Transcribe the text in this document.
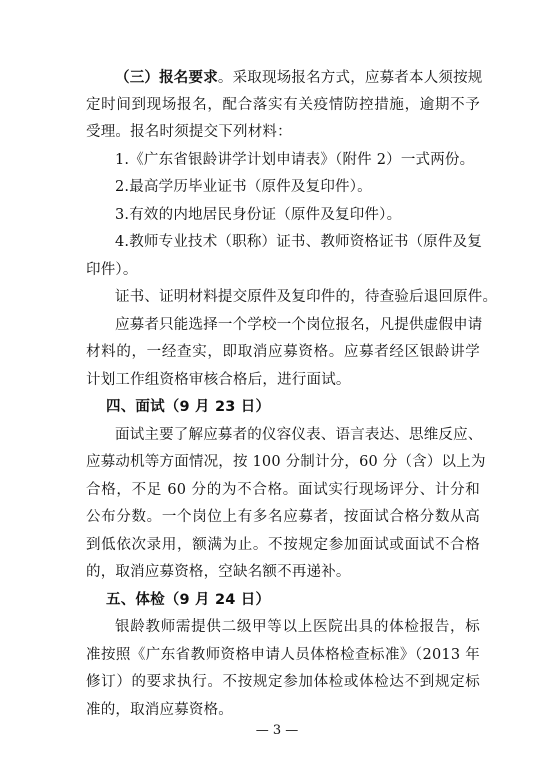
（三）报名要求。采取现场报名方式，应募者本人须按规
定时间到现场报名，配合落实有关疫情防控措施，逾期不予
受理。报名时须提交下列材料：
1.《广东省银龄讲学计划申请表》（附件 2）一式两份。
2.最高学历毕业证书（原件及复印件）。
3.有效的内地居民身份证（原件及复印件）。
4.教师专业技术（职称）证书、教师资格证书（原件及复
印件）。
证书、证明材料提交原件及复印件的，待查验后退回原件。
应募者只能选择一个学校一个岗位报名，凡提供虚假申请
材料的，一经查实，即取消应募资格。应募者经区银龄讲学
计划工作组资格审核合格后，进行面试。
四、面试（9 月 23 日）
面试主要了解应募者的仪容仪表、语言表达、思维反应、
应募动机等方面情况，按 100 分制计分，60 分（含）以上为
合格，不足 60 分的为不合格。面试实行现场评分、计分和
公布分数。一个岗位上有多名应募者，按面试合格分数从高
到低依次录用，额满为止。不按规定参加面试或面试不合格
的，取消应募资格，空缺名额不再递补。
五、体检（9 月 24 日）
银龄教师需提供二级甲等以上医院出具的体检报告，标
准按照《广东省教师资格申请人员体格检查标准》（2013 年
修订）的要求执行。不按规定参加体检或体检达不到规定标
准的，取消应募资格。
— 3 —
